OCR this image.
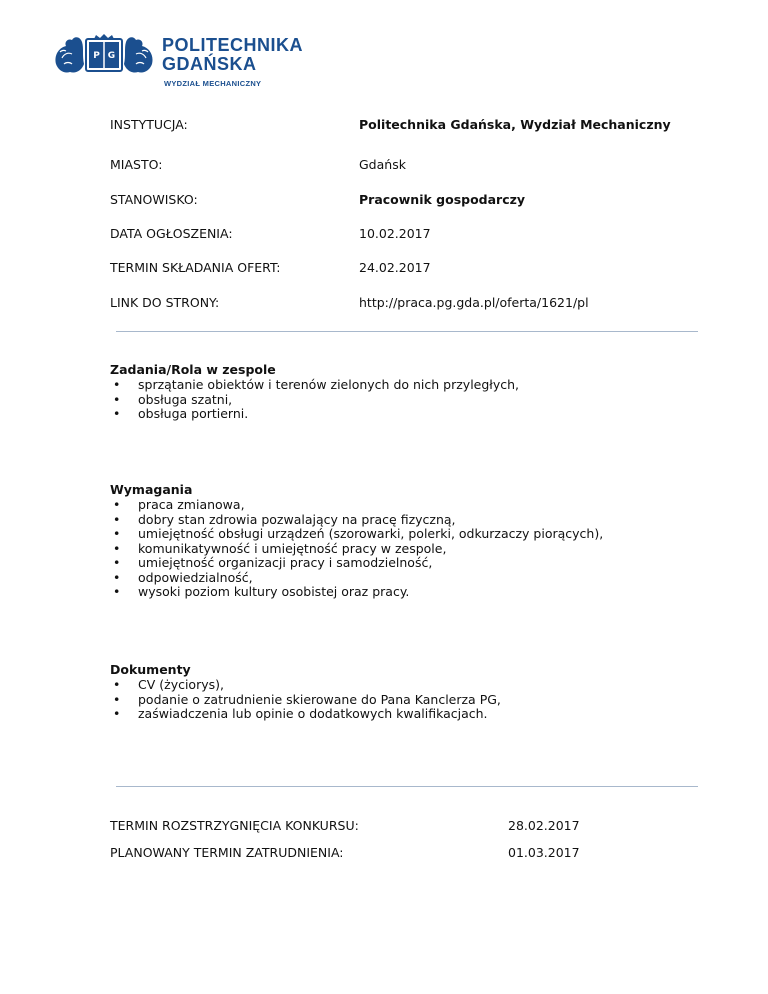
P G
POLITECHNIKA
GDAŃSKA
WYDZIAŁ MECHANICZNY
INSTYTUCJA:	Politechnika Gdańska, Wydział Mechaniczny
MIASTO:	Gdańsk
STANOWISKO:	Pracownik gospodarczy
DATA OGŁOSZENIA:	10.02.2017
TERMIN SKŁADANIA OFERT:	24.02.2017
LINK DO STRONY:	http://praca.pg.gda.pl/oferta/1621/pl
Zadania/Rola w zespole
• sprzątanie obiektów i terenów zielonych do nich przyległych,
• obsługa szatni,
• obsługa portierni.
Wymagania
• praca zmianowa,
• dobry stan zdrowia pozwalający na pracę fizyczną,
• umiejętność obsługi urządzeń (szorowarki, polerki, odkurzaczy piorących),
• komunikatywność i umiejętność pracy w zespole,
• umiejętność organizacji pracy i samodzielność,
• odpowiedzialność,
• wysoki poziom kultury osobistej oraz pracy.
Dokumenty
• CV (życiorys),
• podanie o zatrudnienie skierowane do Pana Kanclerza PG,
• zaświadczenia lub opinie o dodatkowych kwalifikacjach.
TERMIN ROZSTRZYGNIĘCIA KONKURSU:	28.02.2017
PLANOWANY TERMIN ZATRUDNIENIA:	01.03.2017
